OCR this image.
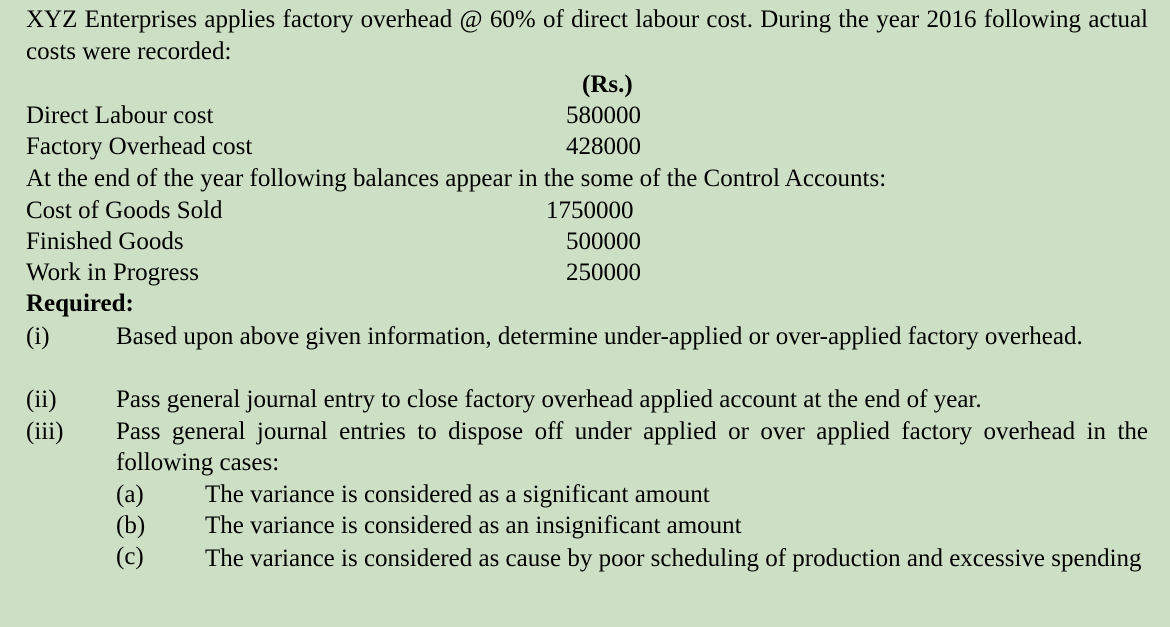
XYZ Enterprises applies factory overhead @ 60% of direct labour cost. During the year 2016 following actual costs were recorded:
(Rs.)
Direct Labour cost	580000
Factory Overhead cost	428000
At the end of the year following balances appear in the some of the Control Accounts:
Cost of Goods Sold	1750000
Finished Goods	500000
Work in Progress	250000
Required:
(i)	Based upon above given information, determine under-applied or over-applied factory overhead.
(ii) Pass general journal entry to close factory overhead applied account at the end of year.
(iii) Pass general journal entries to dispose off under applied or over applied factory overhead in the following cases:
(a) The variance is considered as a significant amount
(b) The variance is considered as an insignificant amount
(c) The variance is considered as cause by poor scheduling of production and excessive spending
